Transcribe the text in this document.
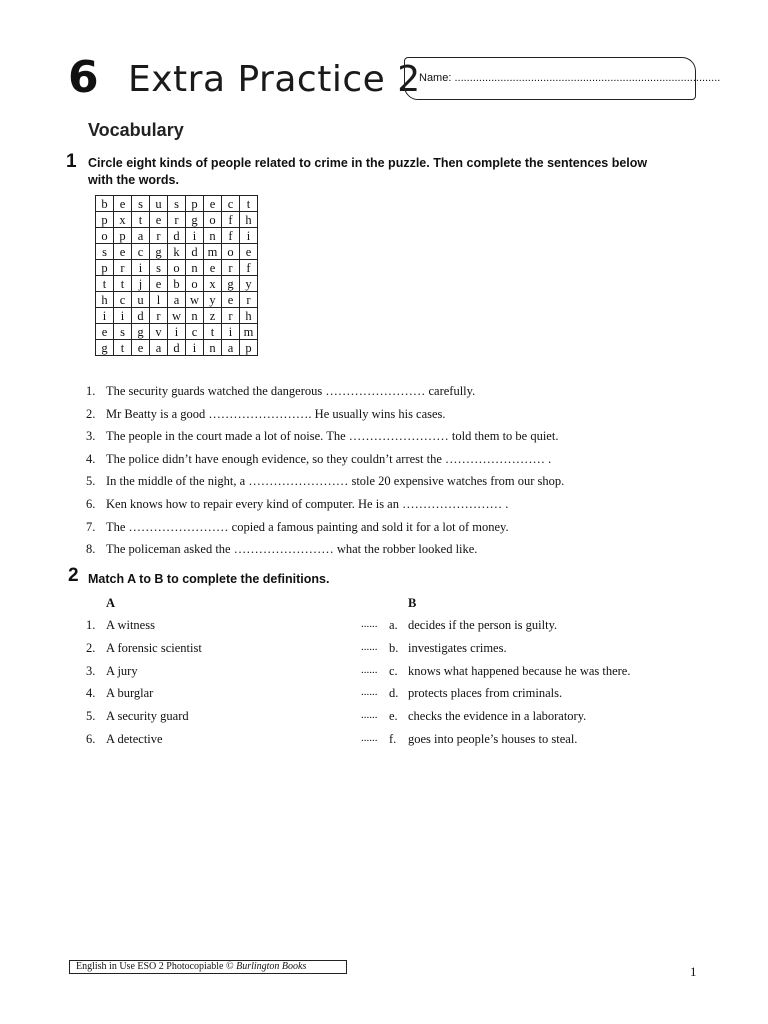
6 Extra Practice 2
Name: .......................................................................................
Vocabulary
1 Circle eight kinds of people related to crime in the puzzle. Then complete the sentences below with the words.
b	e	s	u	s	p	e	c	t
p	x	t	e	r	g	o	f	h
o	p	a	r	d	i	n	f	i
s	e	c	g	k	d	m	o	e
p	r	i	s	o	n	e	r	f
t	t	j	e	b	o	x	g	y
h	c	u	l	a	w	y	e	r
i	i	d	r	w	n	z	r	h
e	s	g	v	i	c	t	i	m
g	t	e	a	d	i	n	a	p
1. The security guards watched the dangerous …………………… carefully.
2. Mr Beatty is a good ……………………. He usually wins his cases.
3. The people in the court made a lot of noise. The …………………… told them to be quiet.
4. The police didn’t have enough evidence, so they couldn’t arrest the …………………… .
5. In the middle of the night, a …………………… stole 20 expensive watches from our shop.
6. Ken knows how to repair every kind of computer. He is an …………………… .
7. The …………………… copied a famous painting and sold it for a lot of money.
8. The policeman asked the …………………… what the robber looked like.
2 Match A to B to complete the definitions.
A	B
1. A witness	...... a. decides if the person is guilty.
2. A forensic scientist	...... b. investigates crimes.
3. A jury	...... c. knows what happened because he was there.
4. A burglar	...... d. protects places from criminals.
5. A security guard	...... e. checks the evidence in a laboratory.
6. A detective	...... f. goes into people’s houses to steal.
English in Use ESO 2 Photocopiable © Burlington Books	1
